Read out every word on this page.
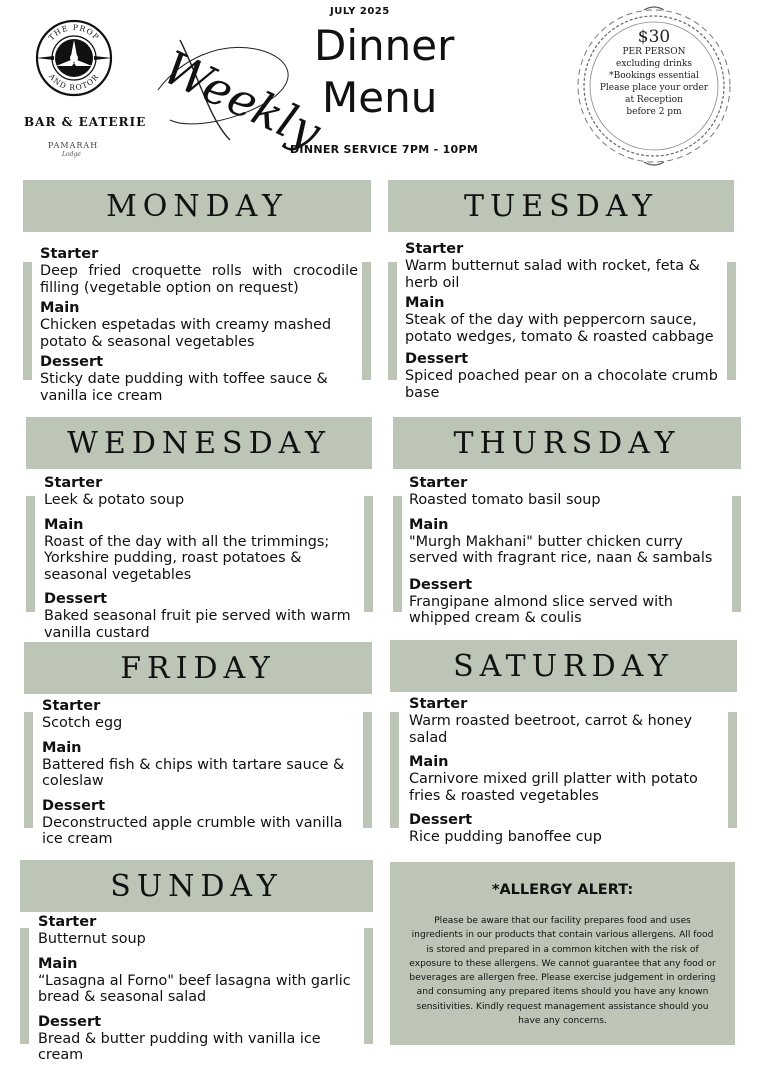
JULY 2025
THE PROP
AND ROTOR
BAR & EATERIE
PAMARAH
Lodge Weekly
Dinner
Menu
DINNER SERVICE 7PM - 10PM
$30
PER PERSON
excluding drinks
*Bookings essential
Please place your order
at Reception
before 2 pm
MONDAY
Starter
Deep fried croquette rolls with crocodile filling (vegetable option on request)
Main
Chicken espetadas with creamy mashed potato & seasonal vegetables
Dessert
Sticky date pudding with toffee sauce & vanilla ice cream
TUESDAY
Starter
Warm butternut salad with rocket, feta & herb oil
Main
Steak of the day with peppercorn sauce, potato wedges, tomato & roasted cabbage
Dessert
Spiced poached pear on a chocolate crumb base
WEDNESDAY
Starter
Leek & potato soup
Main
Roast of the day with all the trimmings; Yorkshire pudding, roast potatoes & seasonal vegetables
Dessert
Baked seasonal fruit pie served with warm vanilla custard
THURSDAY
Starter
Roasted tomato basil soup
Main
"Murgh Makhani" butter chicken curry served with fragrant rice, naan & sambals
Dessert
Frangipane almond slice served with whipped cream & coulis
FRIDAY
Starter
Scotch egg
Main
Battered fish & chips with tartare sauce & coleslaw
Dessert
Deconstructed apple crumble with vanilla ice cream
SATURDAY
Starter
Warm roasted beetroot, carrot & honey salad
Main
Carnivore mixed grill platter with potato fries & roasted vegetables
Dessert
Rice pudding banoffee cup
SUNDAY
Starter
Butternut soup
Main
“Lasagna al Forno" beef lasagna with garlic bread & seasonal salad
Dessert
Bread & butter pudding with vanilla ice cream
*ALLERGY ALERT:
Please be aware that our facility prepares food and uses ingredients in our products that contain various allergens. All food is stored and prepared in a common kitchen with the risk of exposure to these allergens. We cannot guarantee that any food or beverages are allergen free. Please exercise judgement in ordering and consuming any prepared items should you have any known sensitivities. Kindly request management assistance should you have any concerns.
